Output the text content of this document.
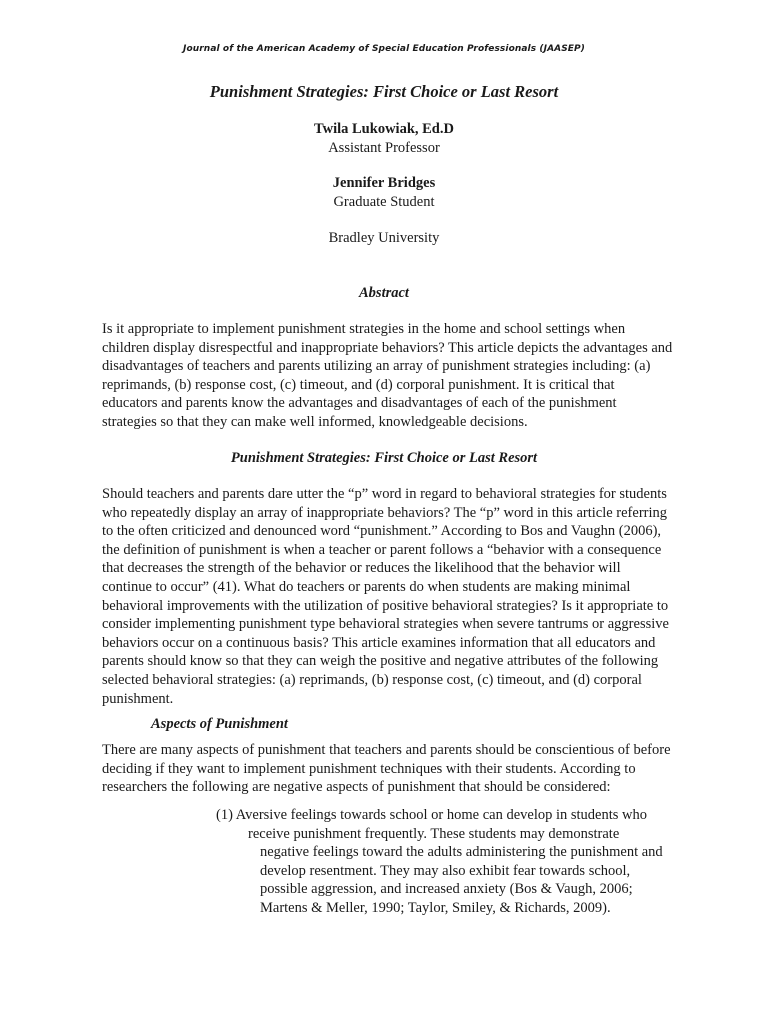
Journal of the American Academy of Special Education Professionals (JAASEP)
Punishment Strategies: First Choice or Last Resort
Twila Lukowiak, Ed.D
Assistant Professor
Jennifer Bridges
Graduate Student
Bradley University
Abstract
Is it appropriate to implement punishment strategies in the home and school settings when
children display disrespectful and inappropriate behaviors? This article depicts the advantages and
disadvantages of teachers and parents utilizing an array of punishment strategies including: (a)
reprimands, (b) response cost, (c) timeout, and (d) corporal punishment. It is critical that
educators and parents know the advantages and disadvantages of each of the punishment
strategies so that they can make well informed, knowledgeable decisions.
Punishment Strategies: First Choice or Last Resort
Should teachers and parents dare utter the “p” word in regard to behavioral strategies for students
who repeatedly display an array of inappropriate behaviors? The “p” word in this article referring
to the often criticized and denounced word “punishment.” According to Bos and Vaughn (2006),
the definition of punishment is when a teacher or parent follows a “behavior with a consequence
that decreases the strength of the behavior or reduces the likelihood that the behavior will
continue to occur” (41). What do teachers or parents do when students are making minimal
behavioral improvements with the utilization of positive behavioral strategies? Is it appropriate to
consider implementing punishment type behavioral strategies when severe tantrums or aggressive
behaviors occur on a continuous basis? This article examines information that all educators and
parents should know so that they can weigh the positive and negative attributes of the following
selected behavioral strategies: (a) reprimands, (b) response cost, (c) timeout, and (d) corporal
punishment.
Aspects of Punishment
There are many aspects of punishment that teachers and parents should be conscientious of before
deciding if they want to implement punishment techniques with their students. According to
researchers the following are negative aspects of punishment that should be considered:
(1) Aversive feelings towards school or home can develop in students who
receive punishment frequently. These students may demonstrate
negative feelings toward the adults administering the punishment and
develop resentment. They may also exhibit fear towards school,
possible aggression, and increased anxiety (Bos & Vaugh, 2006;
Martens & Meller, 1990; Taylor, Smiley, & Richards, 2009).
